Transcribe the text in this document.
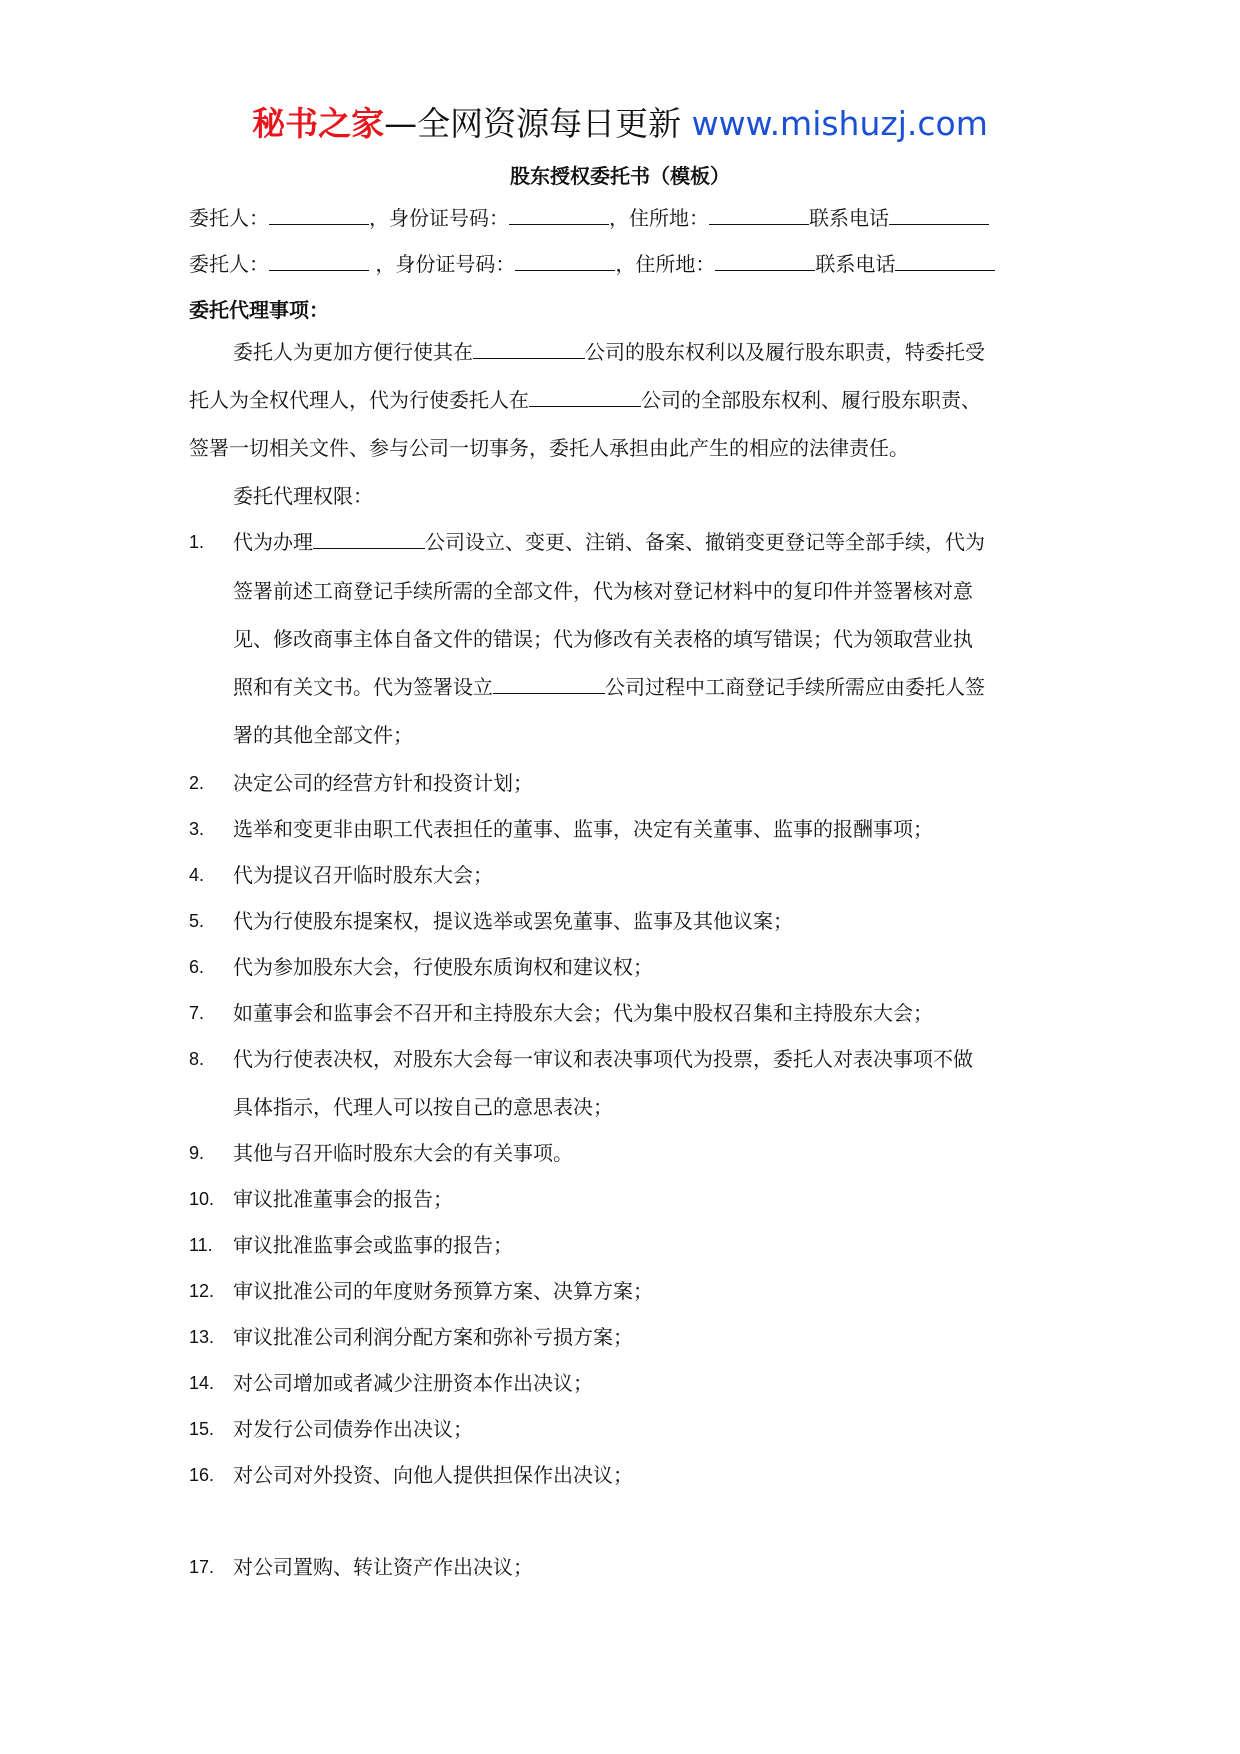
秘书之家—全网资源每日更新 www.mishuzj.com
股东授权委托书（模板）
委托人：	，身份证号码：	，住所地：	联系电话
委托人：	，身份证号码：	，住所地：	联系电话
委托代理事项：
委托人为更加方便行使其在	公司的股东权利以及履行股东职责，特委托受
托人为全权代理人，代为行使委托人在	公司的全部股东权利、履行股东职责、
签署一切相关文件、参与公司一切事务，委托人承担由此产生的相应的法律责任。
委托代理权限：
1. 代为办理	公司设立、变更、注销、备案、撤销变更登记等全部手续，代为
签署前述工商登记手续所需的全部文件，代为核对登记材料中的复印件并签署核对意
见、修改商事主体自备文件的错误；代为修改有关表格的填写错误；代为领取营业执
照和有关文书。代为签署设立	公司过程中工商登记手续所需应由委托人签
署的其他全部文件；
2. 决定公司的经营方针和投资计划；
3. 选举和变更非由职工代表担任的董事、监事，决定有关董事、监事的报酬事项；
4. 代为提议召开临时股东大会；
5. 代为行使股东提案权，提议选举或罢免董事、监事及其他议案；
6. 代为参加股东大会，行使股东质询权和建议权；
7. 如董事会和监事会不召开和主持股东大会；代为集中股权召集和主持股东大会；
8. 代为行使表决权，对股东大会每一审议和表决事项代为投票，委托人对表决事项不做
具体指示，代理人可以按自己的意思表决；
9. 其他与召开临时股东大会的有关事项。
10. 审议批准董事会的报告；
11. 审议批准监事会或监事的报告；
12. 审议批准公司的年度财务预算方案、决算方案；
13. 审议批准公司利润分配方案和弥补亏损方案；
14. 对公司增加或者减少注册资本作出决议；
15. 对发行公司债券作出决议；
16. 对公司对外投资、向他人提供担保作出决议；
17. 对公司置购、转让资产作出决议；
